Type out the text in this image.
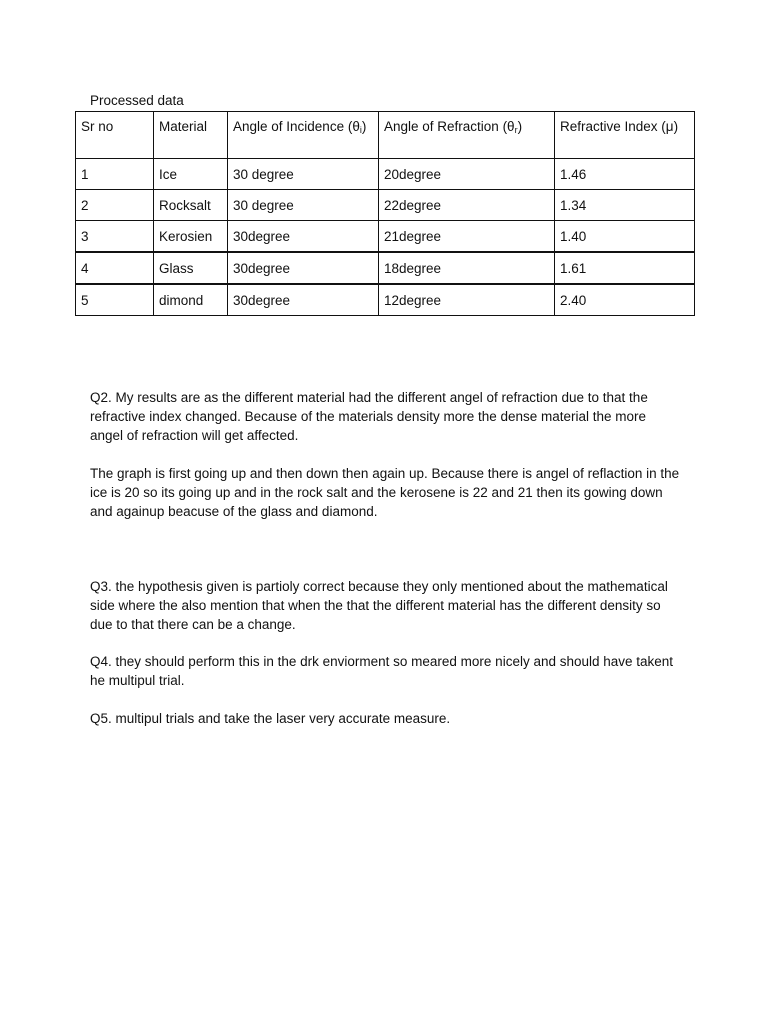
Processed data
Sr no	Material	Angle of Incidence $(\theta_i)$	Angle of Refraction $(\theta_r)$	Refractive Index (μ)
1	Ice	30 degree	20degree	1.46
2	Rocksalt	30 degree	22degree	1.34
3	Kerosien	30degree	21degree	1.40
4	Glass	30degree	18degree	1.61
5	dimond	30degree	12degree	2.40

Q2. My results are as the different material had the different angel of refraction due to that the refractive index changed. Because of the materials density more the dense material the more angel of refraction will get affected.

The graph is first going up and then down then again up. Because there is angel of reflaction in the ice is 20 so its going up and in the rock salt and the kerosene is 22 and 21 then its gowing down and againup beacuse of the glass and diamond.

Q3. the hypothesis given is partioly correct because they only mentioned about the mathematical side where the also mention that when the that the different material has the different density so due to that there can be a change.

Q4. they should perform this in the drk enviorment so meared more nicely and should have takent he multipul trial.

Q5. multipul trials and take the laser very accurate measure.
